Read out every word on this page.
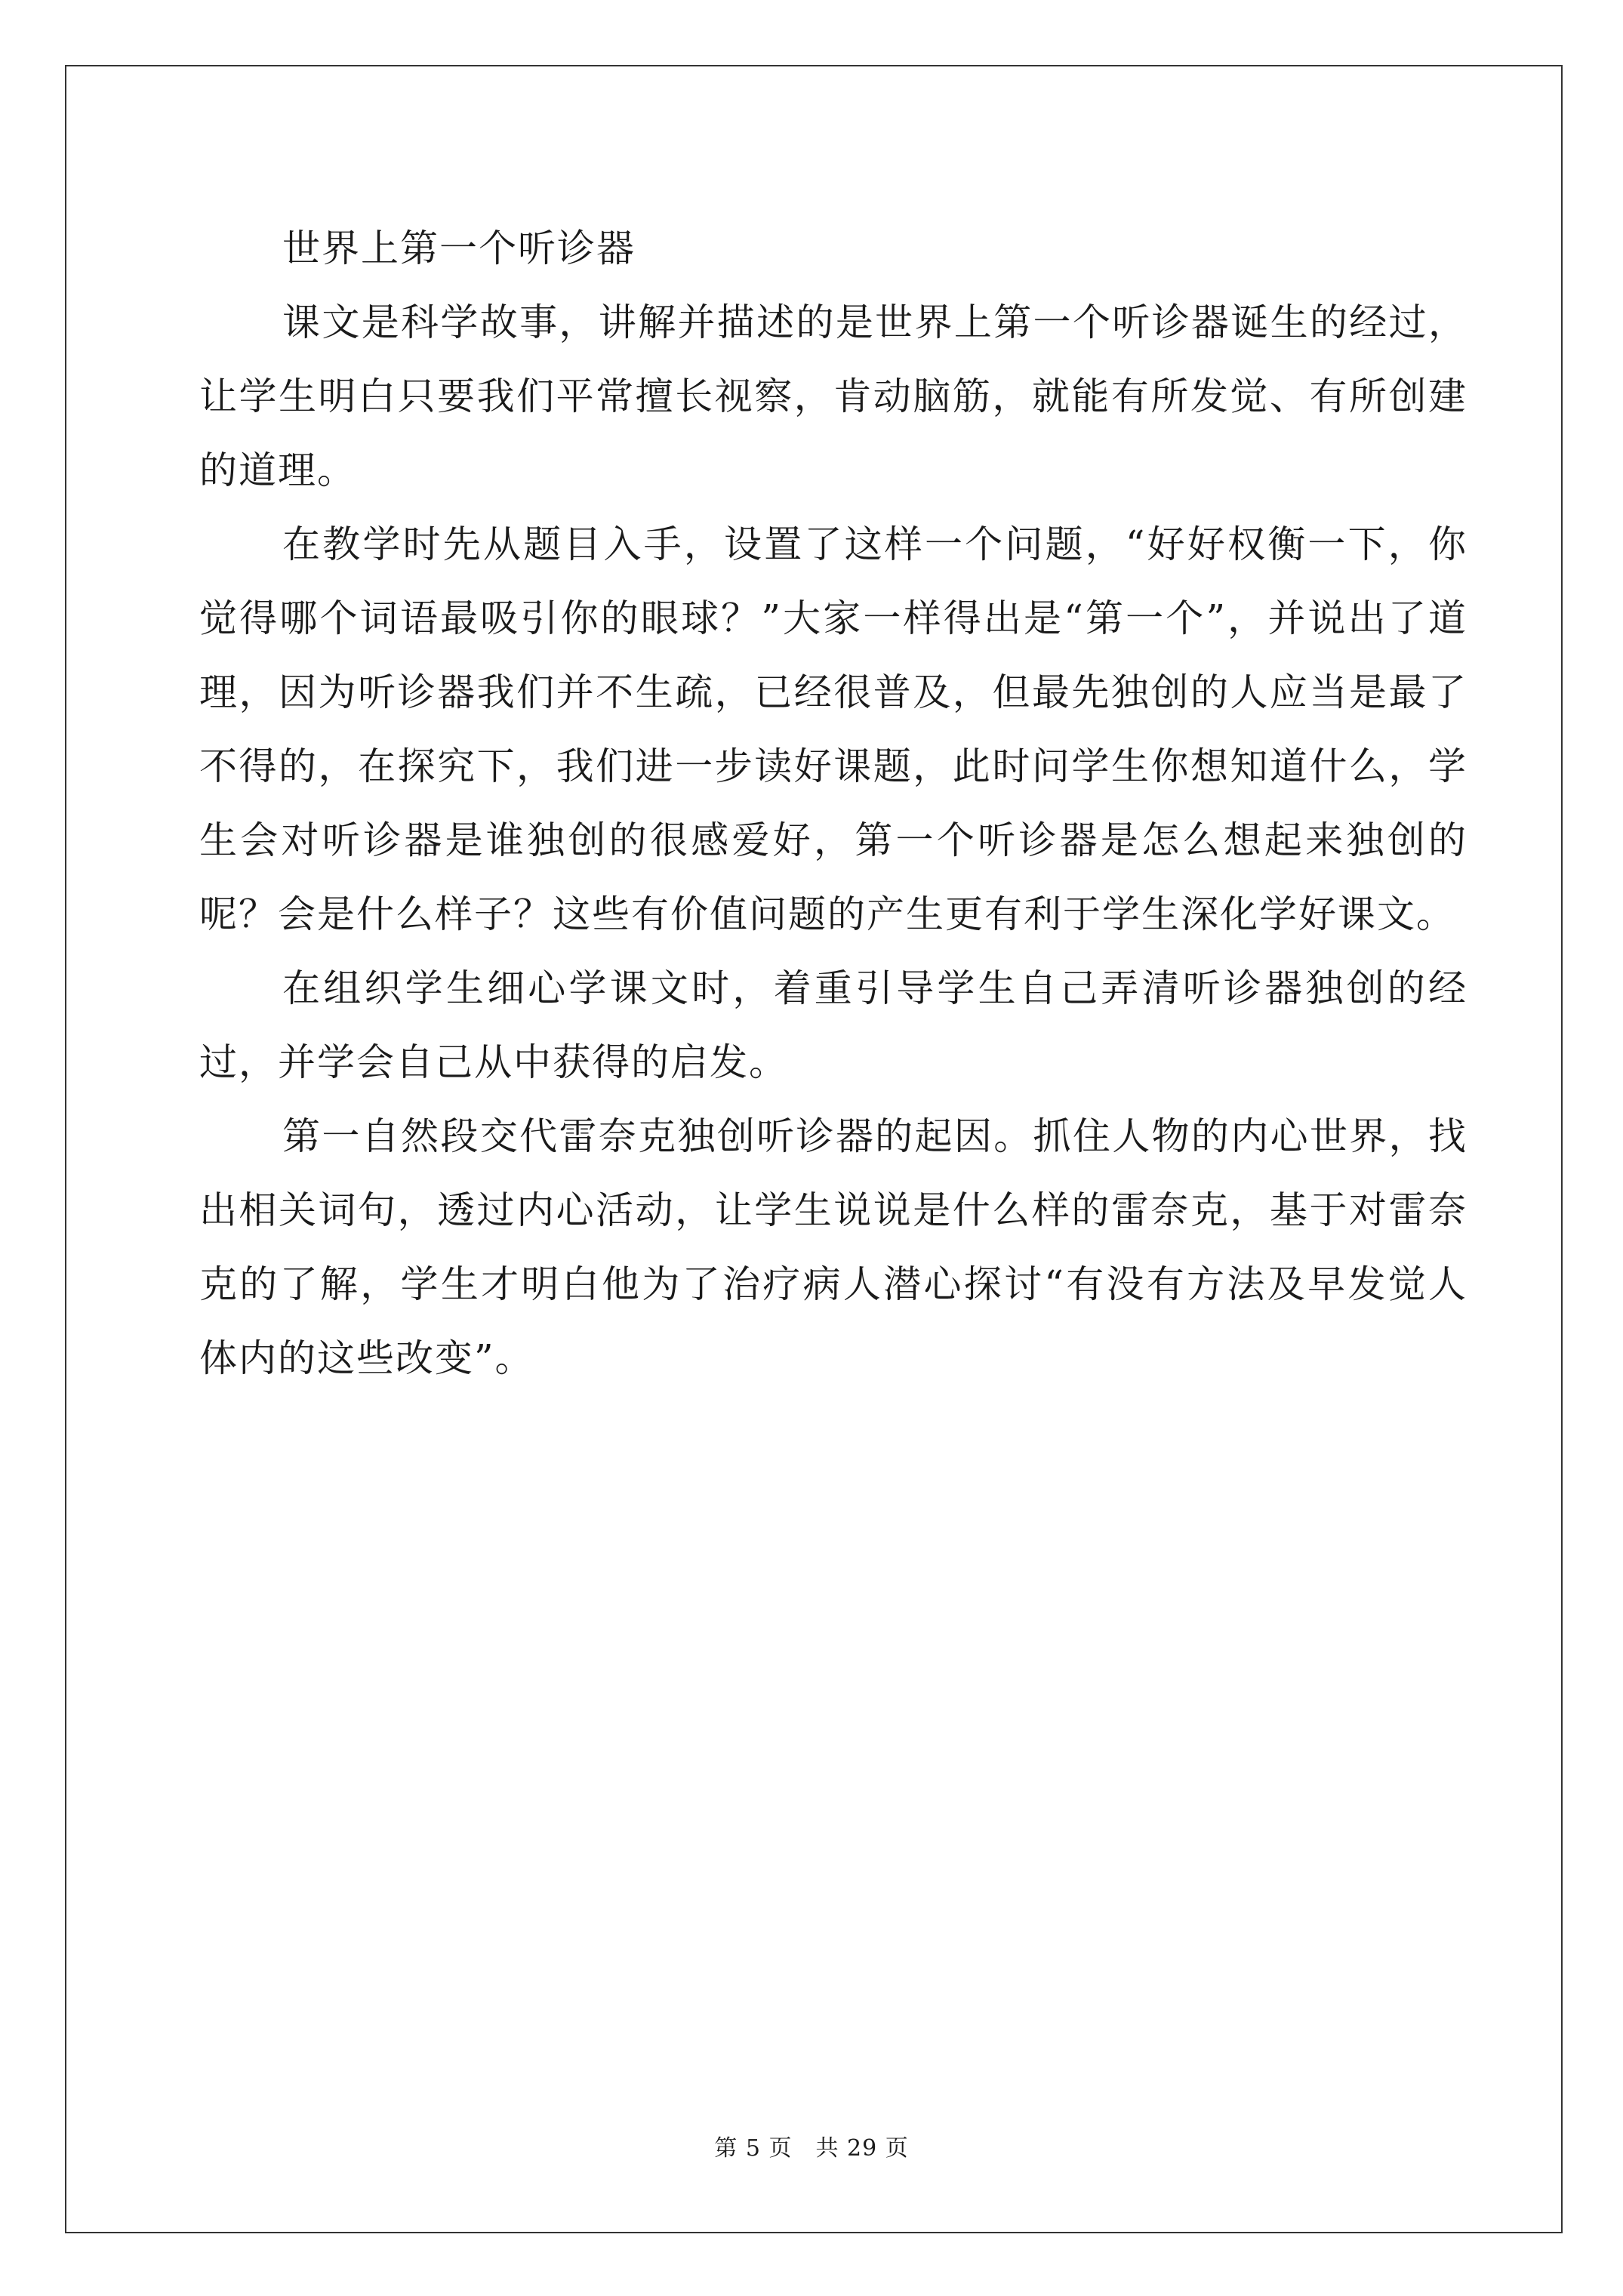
世界上第一个听诊器

课文是科学故事，讲解并描述的是世界上第一个听诊器诞生的经过，让学生明白只要我们平常擅长视察，肯动脑筋，就能有所发觉、有所创建的道理。

在教学时先从题目入手，设置了这样一个问题，“好好权衡一下，你觉得哪个词语最吸引你的眼球？”大家一样得出是“第一个”，并说出了道理，因为听诊器我们并不生疏，已经很普及，但最先独创的人应当是最了不得的，在探究下，我们进一步读好课题，此时问学生你想知道什么，学生会对听诊器是谁独创的很感爱好，第一个听诊器是怎么想起来独创的呢？会是什么样子？这些有价值问题的产生更有利于学生深化学好课文。

在组织学生细心学课文时，着重引导学生自己弄清听诊器独创的经过，并学会自己从中获得的启发。

第一自然段交代雷奈克独创听诊器的起因。抓住人物的内心世界，找出相关词句，透过内心活动，让学生说说是什么样的雷奈克，基于对雷奈克的了解，学生才明白他为了治疗病人潜心探讨“有没有方法及早发觉人体内的这些改变”。

第 5 页　共 29 页
